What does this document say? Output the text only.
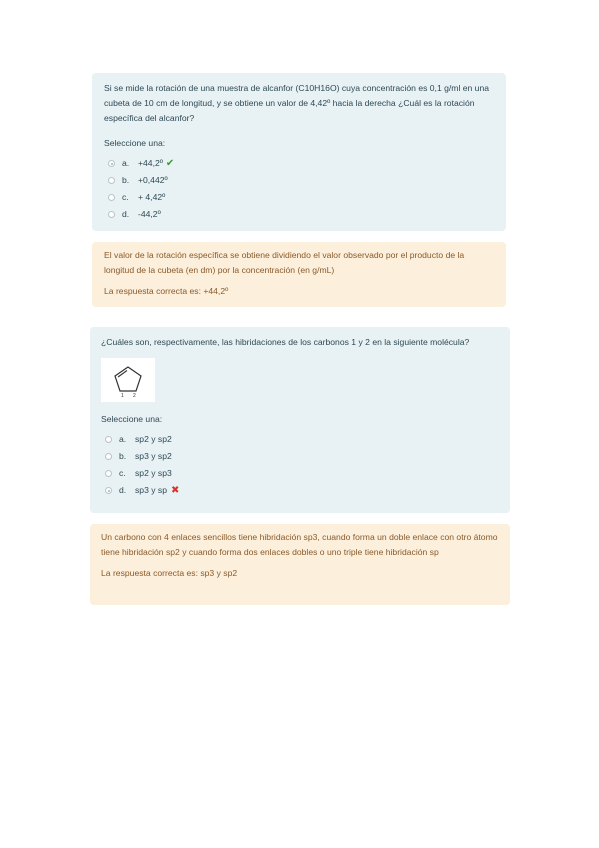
Si se mide la rotación de una muestra de alcanfor (C10H16O) cuya concentración es 0,1 g/ml en una cubeta de 10 cm de longitud, y se obtiene un valor de 4,42º hacia la derecha ¿Cuál es la rotación específica del alcanfor?

Seleccione una:
a.	+44,2º ✔
b.	+0,442º
c.	+ 4,42º
d.	-44,2º
El valor de la rotación específica se obtiene dividiendo el valor observado por el producto de la longitud de la cubeta (en dm) por la concentración (en g/mL)
La respuesta correcta es: +44,2º

¿Cuáles son, respectivamente, las hibridaciones de los carbonos 1 y 2 en la siguiente molécula?

1 2
Seleccione una:
a.	sp2 y sp2
b.	sp3 y sp2
c.	sp2 y sp3
d.	sp3 y sp ✖
Un carbono con 4 enlaces sencillos tiene hibridación sp3, cuando forma un doble enlace con otro átomo tiene hibridación sp2 y cuando forma dos enlaces dobles o uno triple tiene hibridación sp
La respuesta correcta es: sp3 y sp2
